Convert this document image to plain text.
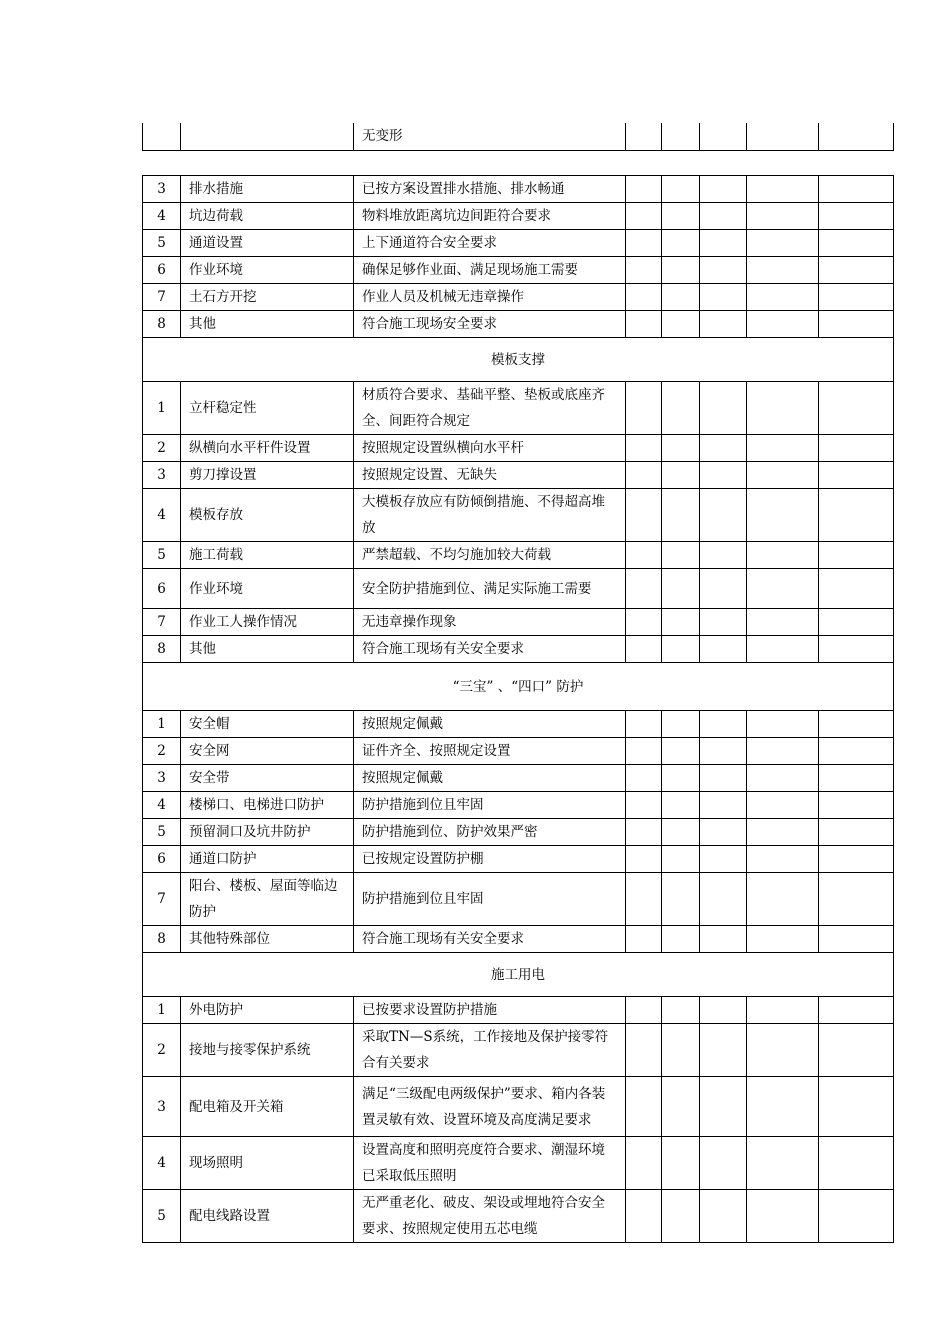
		无变形					
3	排水措施	已按方案设置排水措施、排水畅通					
4	坑边荷载	物料堆放距离坑边间距符合要求					
5	通道设置	上下通道符合安全要求					
6	作业环境	确保足够作业面、满足现场施工需要					
7	土石方开挖	作业人员及机械无违章操作					
8	其他	符合施工现场安全要求					
模板支撑							
1	立杆稳定性	材质符合要求、基础平整、垫板或底座齐全、间距符合规定					
2	纵横向水平杆件设置	按照规定设置纵横向水平杆					
3	剪刀撑设置	按照规定设置、无缺失					
4	模板存放	大模板存放应有防倾倒措施、不得超高堆放					
5	施工荷载	严禁超载、不均匀施加较大荷载					
6	作业环境	安全防护措施到位、满足实际施工需要					
7	作业工人操作情况	无违章操作现象					
8	其他	符合施工现场有关安全要求					
“三宝” 、“四口” 防护							
1	安全帽	按照规定佩戴					
2	安全网	证件齐全、按照规定设置					
3	安全带	按照规定佩戴					
4	楼梯口、电梯进口防护	防护措施到位且牢固					
5	预留洞口及坑井防护	防护措施到位、防护效果严密					
6	通道口防护	已按规定设置防护棚					
7	阳台、楼板、屋面等临边防护	防护措施到位且牢固					
8	其他特殊部位	符合施工现场有关安全要求					
施工用电							
1	外电防护	已按要求设置防护措施					
2	接地与接零保护系统	采取TN—S系统，工作接地及保护接零符合有关要求					
3	配电箱及开关箱	满足“三级配电两级保护”要求、箱内各装置灵敏有效、设置环境及高度满足要求					
4	现场照明	设置高度和照明亮度符合要求、潮湿环境已采取低压照明					
5	配电线路设置	无严重老化、破皮、架设或埋地符合安全要求、按照规定使用五芯电缆					
